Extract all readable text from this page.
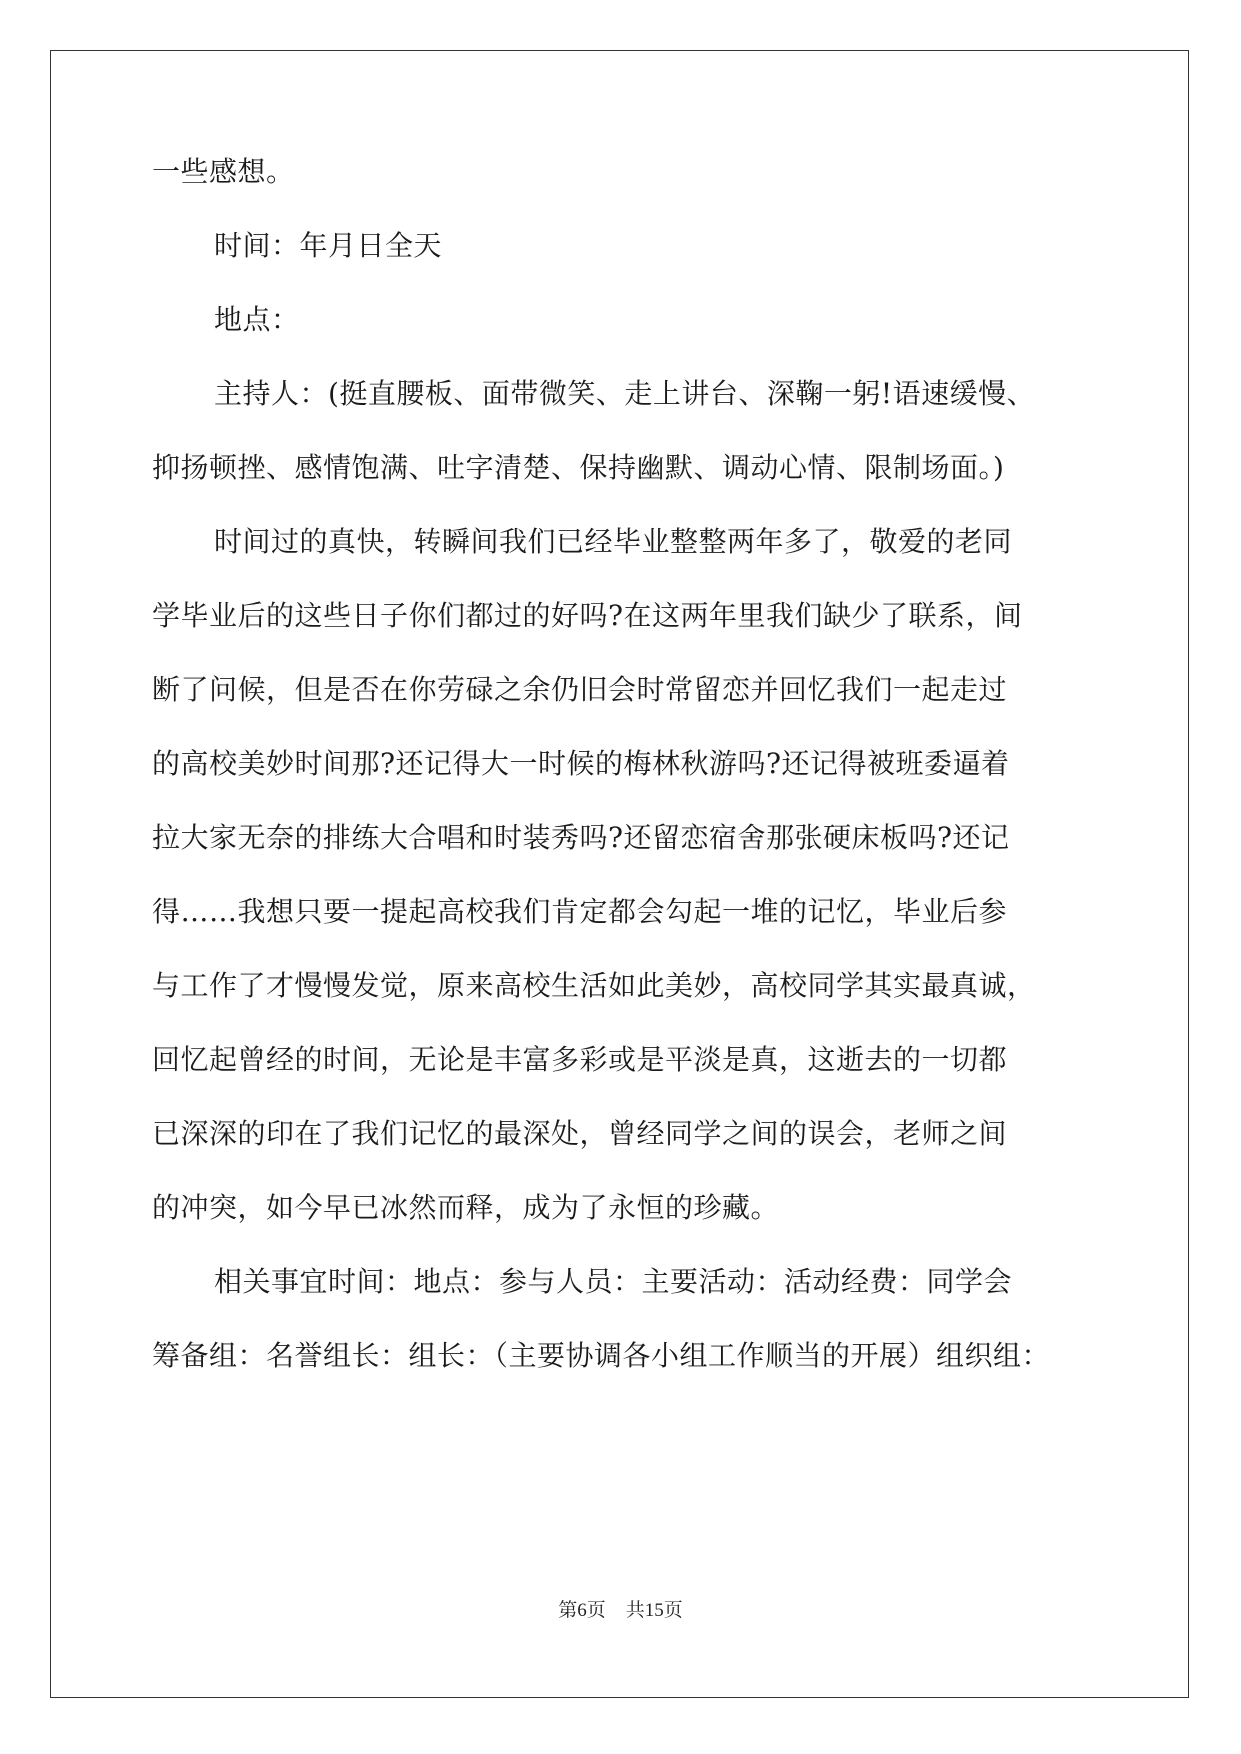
一些感想。
时间：年月日全天
地点：
主持人：(挺直腰板、面带微笑、走上讲台、深鞠一躬!语速缓慢、
抑扬顿挫、感情饱满、吐字清楚、保持幽默、调动心情、限制场面。)
时间过的真快，转瞬间我们已经毕业整整两年多了，敬爱的老同
学毕业后的这些日子你们都过的好吗?在这两年里我们缺少了联系，间
断了问候，但是否在你劳碌之余仍旧会时常留恋并回忆我们一起走过
的高校美妙时间那?还记得大一时候的梅林秋游吗?还记得被班委逼着
拉大家无奈的排练大合唱和时装秀吗?还留恋宿舍那张硬床板吗?还记
得……我想只要一提起高校我们肯定都会勾起一堆的记忆，毕业后参
与工作了才慢慢发觉，原来高校生活如此美妙，高校同学其实最真诚，
回忆起曾经的时间，无论是丰富多彩或是平淡是真，这逝去的一切都
已深深的印在了我们记忆的最深处，曾经同学之间的误会，老师之间
的冲突，如今早已冰然而释，成为了永恒的珍藏。
相关事宜时间：地点：参与人员：主要活动：活动经费：同学会
筹备组：名誉组长：组长：（主要协调各小组工作顺当的开展）组织组：
第6页 共15页
